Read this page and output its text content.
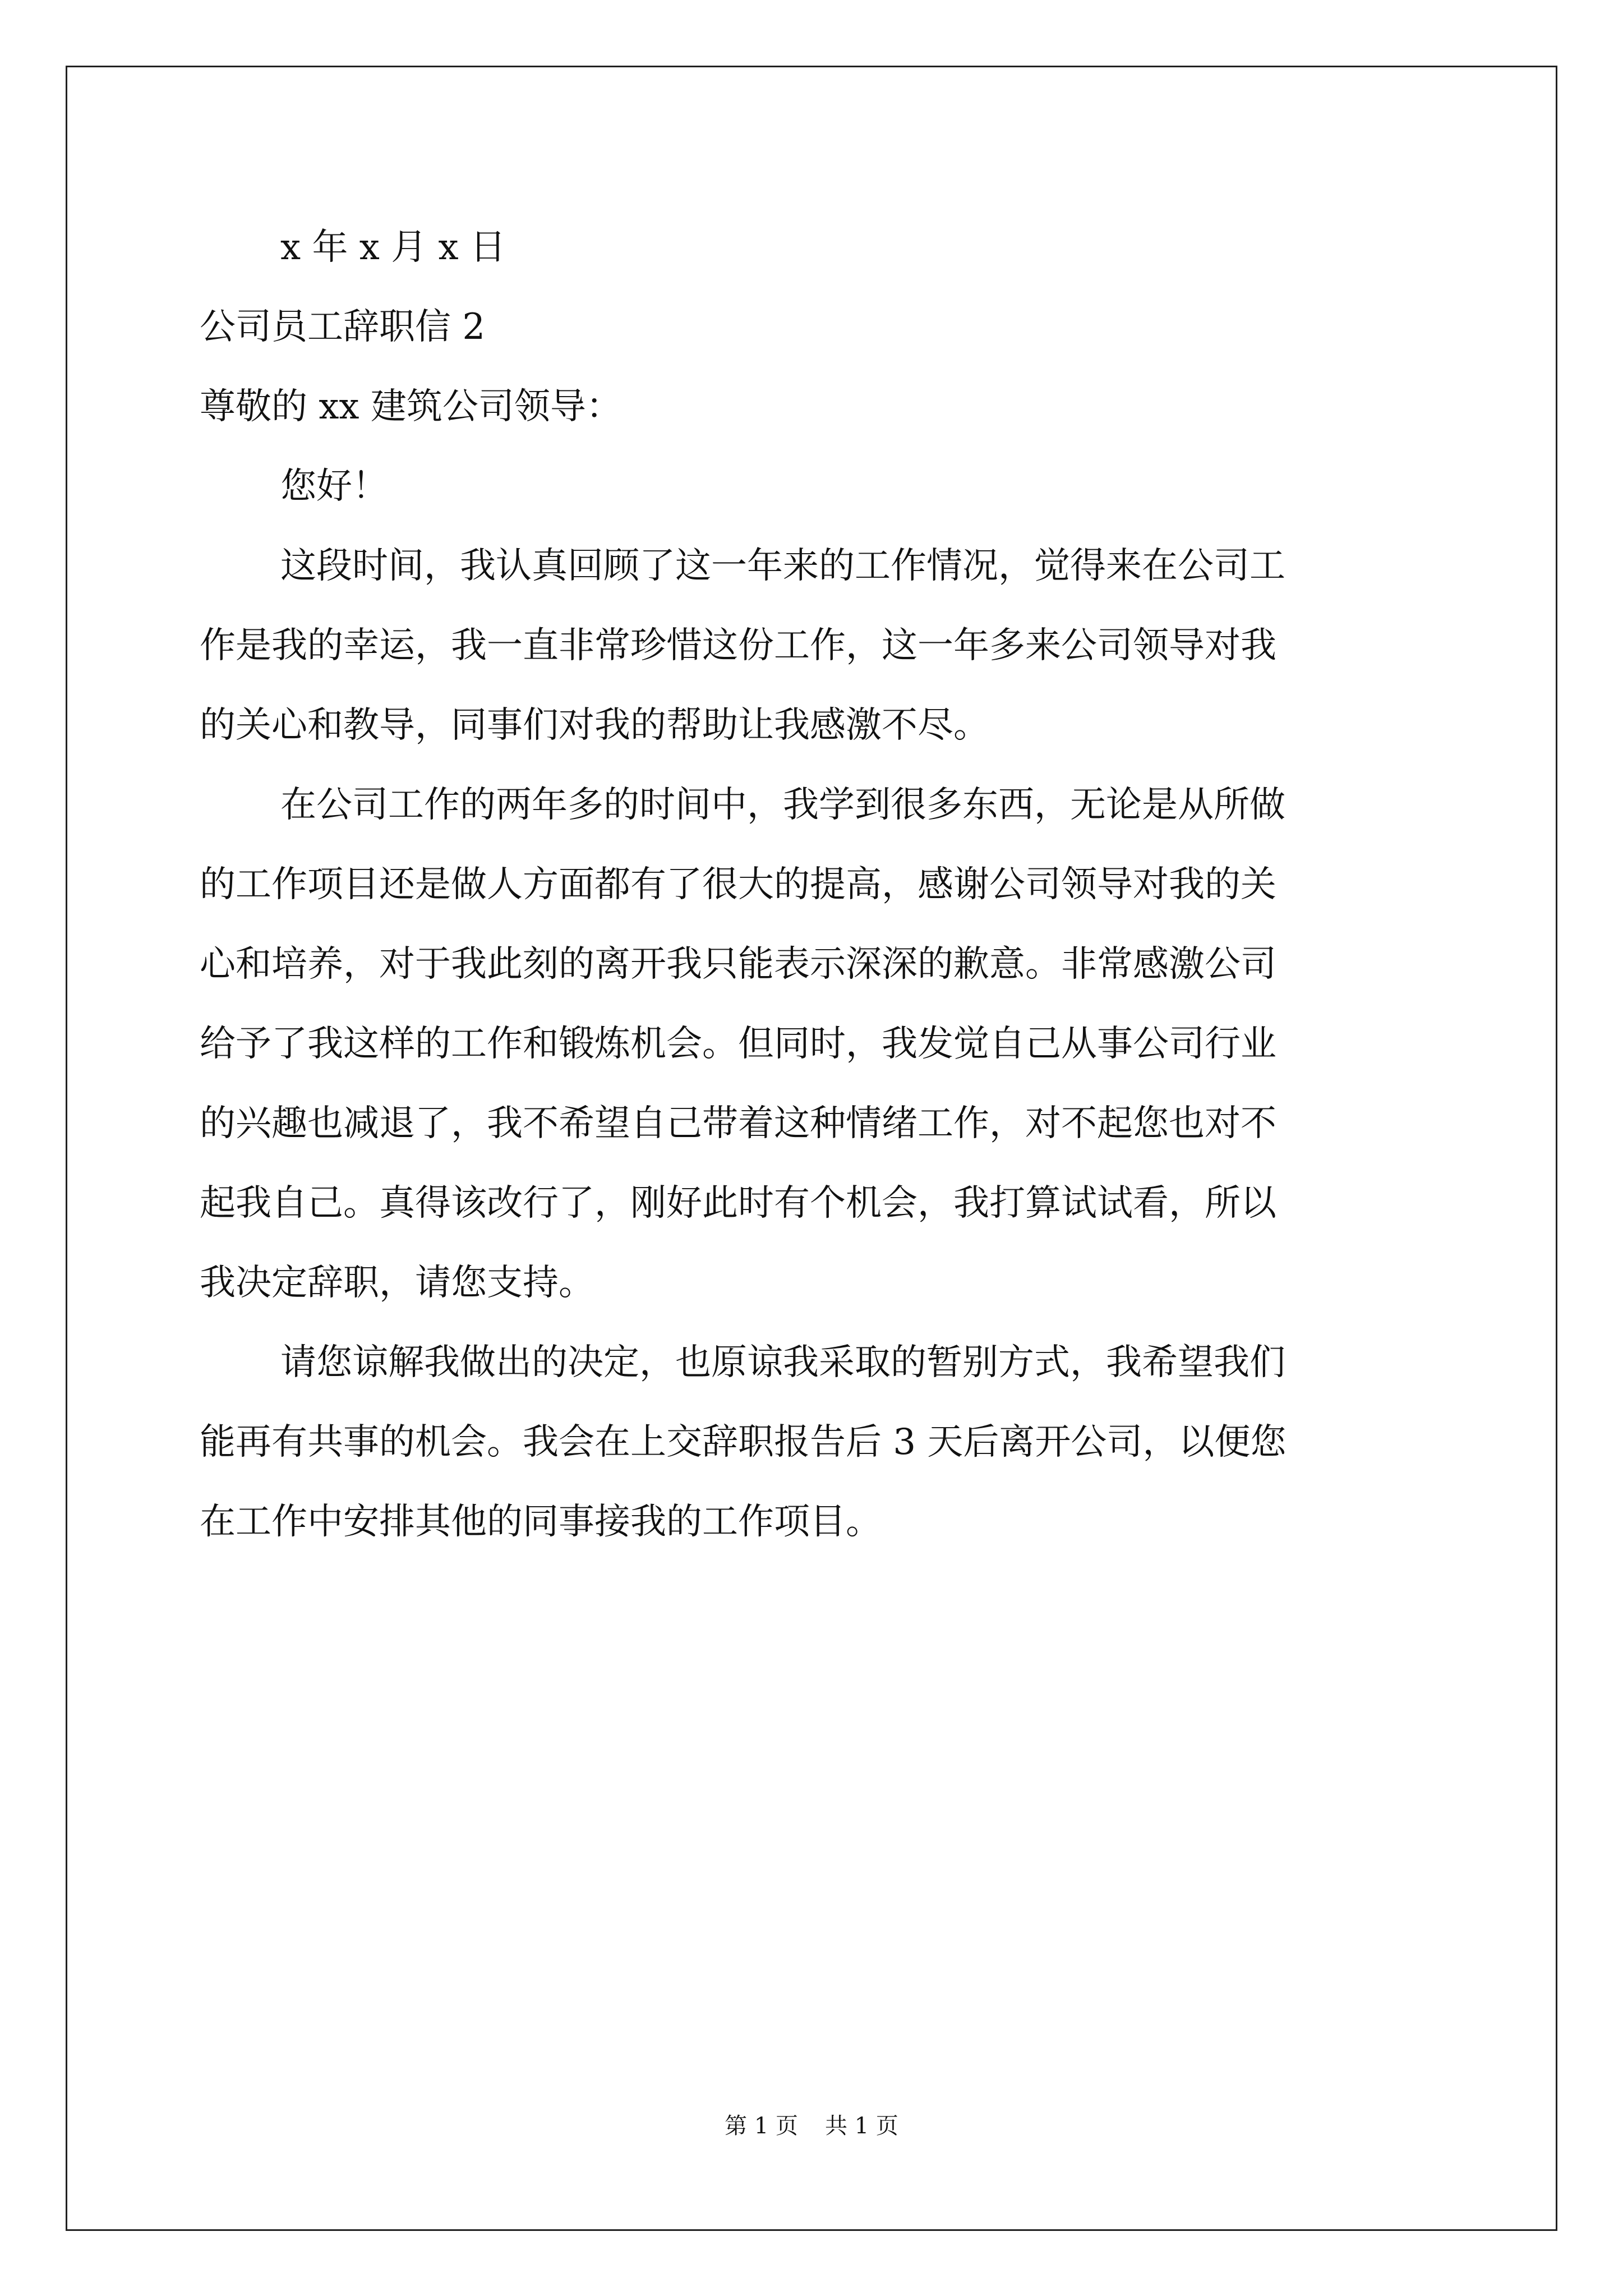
x 年 x 月 x 日

公司员工辞职信 2

尊敬的 xx 建筑公司领导：

您好！

这段时间，我认真回顾了这一年来的工作情况，觉得来在公司工
作是我的幸运，我一直非常珍惜这份工作，这一年多来公司领导对我
的关心和教导，同事们对我的帮助让我感激不尽。
在公司工作的两年多的时间中，我学到很多东西，无论是从所做
的工作项目还是做人方面都有了很大的提高，感谢公司领导对我的关
心和培养，对于我此刻的离开我只能表示深深的歉意。非常感激公司
给予了我这样的工作和锻炼机会。但同时，我发觉自己从事公司行业
的兴趣也减退了，我不希望自己带着这种情绪工作，对不起您也对不
起我自己。真得该改行了，刚好此时有个机会，我打算试试看，所以
我决定辞职，请您支持。
请您谅解我做出的决定，也原谅我采取的暂别方式，我希望我们
能再有共事的机会。我会在上交辞职报告后 3 天后离开公司，以便您
在工作中安排其他的同事接我的工作项目。
第 1 页 共 1 页
